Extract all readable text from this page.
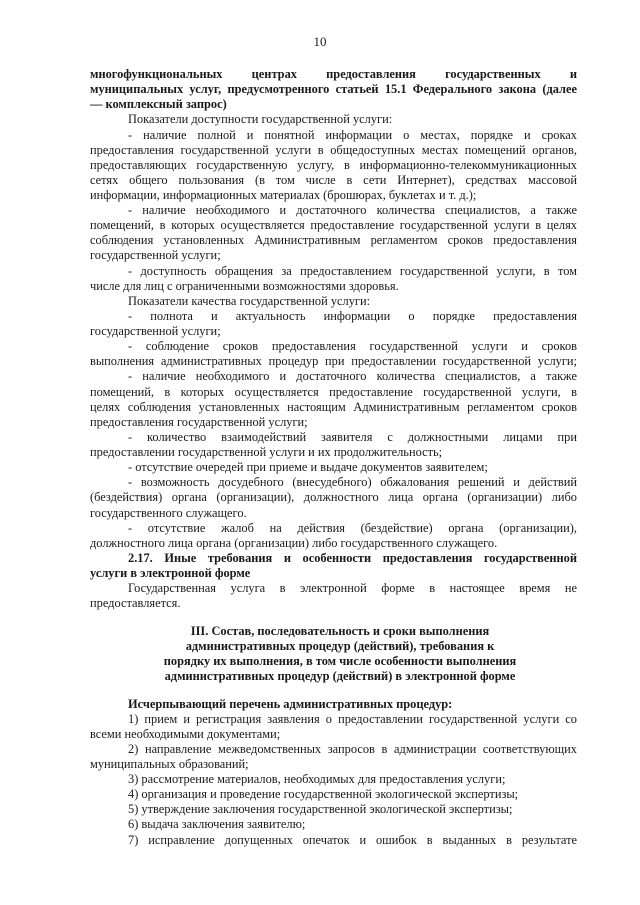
10
многофункциональных центрах предоставления государственных и
муниципальных услуг, предусмотренного статьей 15.1 Федерального закона (далее
— комплексный запрос)
Показатели доступности государственной услуги:
- наличие полной и понятной информации о местах, порядке и сроках
предоставления государственной услуги в общедоступных местах помещений органов,
предоставляющих государственную услугу, в информационно-телекоммуникационных
сетях общего пользования (в том числе в сети Интернет), средствах массовой
информации, информационных материалах (брошюрах, буклетах и т. д.);
- наличие необходимого и достаточного количества специалистов, а также
помещений, в которых осуществляется предоставление государственной услуги в целях
соблюдения установленных Административным регламентом сроков предоставления
государственной услуги;
- доступность обращения за предоставлением государственной услуги, в том
числе для лиц с ограниченными возможностями здоровья.
Показатели качества государственной услуги:
- полнота и актуальность информации о порядке предоставления
государственной услуги;
- соблюдение сроков предоставления государственной услуги и сроков
выполнения административных процедур при предоставлении государственной услуги;
- наличие необходимого и достаточного количества специалистов, а также
помещений, в которых осуществляется предоставление государственной услуги, в
целях соблюдения установленных настоящим Административным регламентом сроков
предоставления государственной услуги;
- количество взаимодействий заявителя с должностными лицами при
предоставлении государственной услуги и их продолжительность;
- отсутствие очередей при приеме и выдаче документов заявителем;
- возможность досудебного (внесудебного) обжалования решений и действий
(бездействия) органа (организации), должностного лица органа (организации) либо
государственного служащего.
- отсутствие жалоб на действия (бездействие) органа (организации),
должностного лица органа (организации) либо государственного служащего.
2.17. Иные требования и особенности предоставления государственной
услуги в электронной форме
Государственная услуга в электронной форме в настоящее время не
предоставляется.
III. Состав, последовательность и сроки выполнения
административных процедур (действий), требования к
порядку их выполнения, в том числе особенности выполнения
административных процедур (действий) в электронной форме
Исчерпывающий перечень административных процедур:
1) прием и регистрация заявления о предоставлении государственной услуги со
всеми необходимыми документами;
2) направление межведомственных запросов в администрации соответствующих
муниципальных образований;
3) рассмотрение материалов, необходимых для предоставления услуги;
4) организация и проведение государственной экологической экспертизы;
5) утверждение заключения государственной экологической экспертизы;
6) выдача заключения заявителю;
7) исправление допущенных опечаток и ошибок в выданных в результате
